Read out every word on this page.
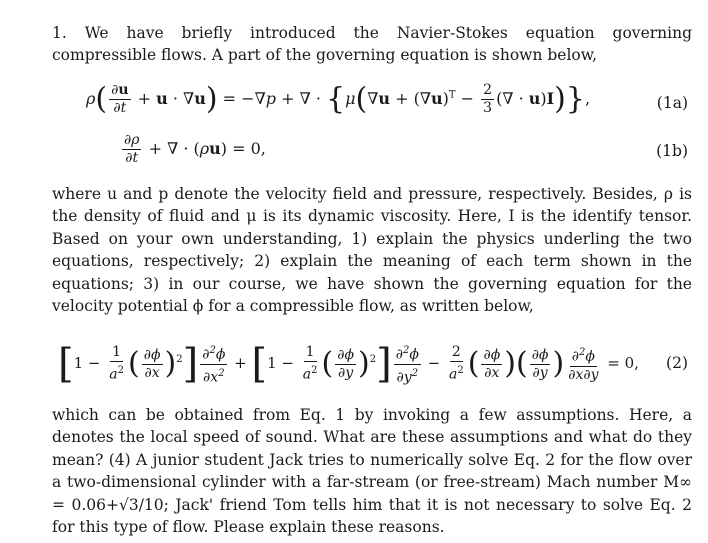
1. We have briefly introduced the Navier-Stokes equation governing compressible flows. A part of the governing equation is shown below,

$\rho( \frac{\partial u}{\partial t} + u \cdot \nabla u) = -\nabla p$ + ∇ · {$\mu(\nabla u + (\nabla u)^T - \frac{2}{3}$ (∇ · u)I)},	(1a)
$\frac{\partial\rho}{\partial t}$ + ∇ · (ρu) = 0,	(1b)

where u and p denote the velocity field and pressure, respectively. Besides, ρ is the density of fluid and μ is its dynamic viscosity. Here, I is the identify tensor. Based on your own understanding, 1) explain the physics underling the two equations, respectively; 2) explain the meaning of each term shown in the equations; 3) in our course, we have shown the governing equation for the velocity potential ϕ for a compressible flow, as written below,

[$1 - \frac{1}{a^2}$ ( $\frac{\partial\phi}{\partial x} )^2] \frac{\partial^2\phi}{\partial x^2} + [1 - \frac{1}{a^2}$ ( $\frac{\partial\phi}{\partial y} )^2] \frac{\partial^2\phi}{\partial y^2} - \frac{2}{a^2}$ ( $\frac{\partial\phi}{\partial x}$ )( $\frac{\partial\phi}{\partial y}$ ) $\frac{\partial^2\phi}{\partial x\partial y} = 0$, (2)

which can be obtained from Eq. 1 by invoking a few assumptions. Here, a denotes the local speed of sound. What are these assumptions and what do they mean? (4) A junior student Jack tries to numerically solve Eq. 2 for the flow over a two-dimensional cylinder with a far-stream (or free-stream) Mach number M∞ = 0.06+√3/10; Jack' friend Tom tells him that it is not necessary to solve Eq. 2 for this type of flow. Please explain these reasons.
